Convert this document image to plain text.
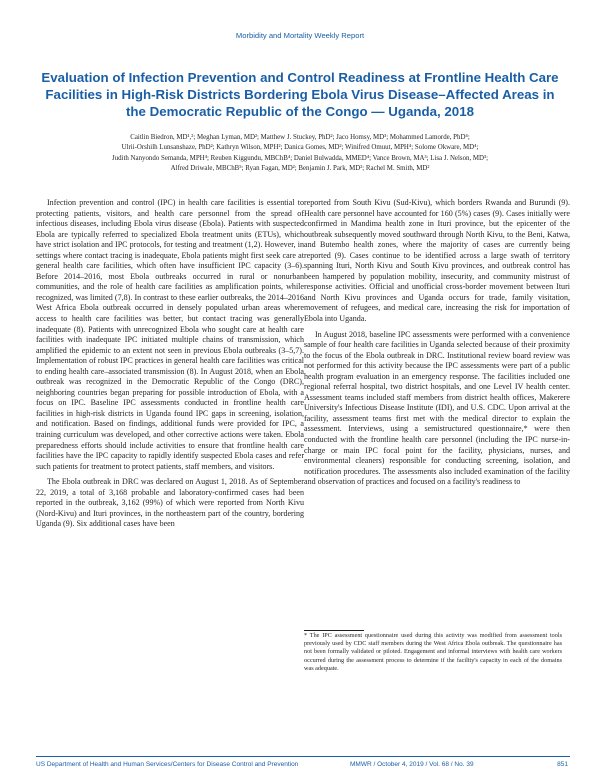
Morbidity and Mortality Weekly Report
Evaluation of Infection Prevention and Control Readiness at Frontline Health Care Facilities in High-Risk Districts Bordering Ebola Virus Disease–Affected Areas in the Democratic Republic of the Congo — Uganda, 2018
Caitlin Biedron, MD¹,²; Meghan Lyman, MD²; Matthew J. Stuckey, PhD²; Jaco Homsy, MD³; Mohammed Lamorde, PhD⁴;
Ulrii-Orshilh Lunsanshaze, PhD²; Kathryn Wilson, MPH²; Danica Gomes, MD²; Winifred Omuut, MPH⁴; Solome Okware, MD⁴;
Judith Nanyondo Semanda, MPH⁴; Reuben Kiggundu, MBChB⁴; Daniel Bulwadda, MMED⁴; Vance Brown, MA³; Lisa J. Nelson, MD³;
Alfred Driwale, MBChB⁵; Ryan Fagan, MD²; Benjamin J. Park, MD²; Rachel M. Smith, MD²

Infection prevention and control (IPC) in health care facilities is essential to protecting patients, visitors, and health care personnel from the spread of infectious diseases, including Ebola virus disease (Ebola). Patients with suspected Ebola are typically referred to specialized Ebola treatment units (ETUs), which have strict isolation and IPC protocols, for testing and treatment (1,2). However, in settings where contact tracing is inadequate, Ebola patients might first seek care at general health care facilities, which often have insufficient IPC capacity (3–6). Before 2014–2016, most Ebola outbreaks occurred in rural or nonurban communities, and the role of health care facilities as amplification points, while recognized, was limited (7,8). In contrast to these earlier outbreaks, the 2014–2016 West Africa Ebola outbreak occurred in densely populated urban areas where access to health care facilities was better, but contact tracing was generally inadequate (8). Patients with unrecognized Ebola who sought care at health care facilities with inadequate IPC initiated multiple chains of transmission, which amplified the epidemic to an extent not seen in previous Ebola outbreaks (3–5,7). Implementation of robust IPC practices in general health care facilities was critical to ending health care–associated transmission (8). In August 2018, when an Ebola outbreak was recognized in the Democratic Republic of the Congo (DRC), neighboring countries began preparing for possible introduction of Ebola, with a focus on IPC. Baseline IPC assessments conducted in frontline health care facilities in high-risk districts in Uganda found IPC gaps in screening, isolation, and notification. Based on findings, additional funds were provided for IPC, a training curriculum was developed, and other corrective actions were taken. Ebola preparedness efforts should include activities to ensure that frontline health care facilities have the IPC capacity to rapidly identify suspected Ebola cases and refer such patients for treatment to protect patients, staff members, and visitors.

The Ebola outbreak in DRC was declared on August 1, 2018. As of September 22, 2019, a total of 3,168 probable and laboratory-confirmed cases had been reported in the outbreak, 3,162 (99%) of which were reported from North Kivu (Nord-Kivu) and Ituri provinces, in the northeastern part of the country, bordering Uganda (9). Six additional cases have been

reported from South Kivu (Sud-Kivu), which borders Rwanda and Burundi (9). Health care personnel have accounted for 160 (5%) cases (9). Cases initially were confirmed in Mandima health zone in Ituri province, but the epicenter of the outbreak subsequently moved southward through North Kivu, to the Beni, Katwa, and Butembo health zones, where the majority of cases are currently being reported (9). Cases continue to be identified across a large swath of territory spanning Ituri, North Kivu and South Kivu provinces, and outbreak control has been hampered by population mobility, insecurity, and community mistrust of response activities. Official and unofficial cross-border movement between Ituri and North Kivu provinces and Uganda occurs for trade, family visitation, movement of refugees, and medical care, increasing the risk for importation of Ebola into Uganda.

In August 2018, baseline IPC assessments were performed with a convenience sample of four health care facilities in Uganda selected because of their proximity to the focus of the Ebola outbreak in DRC. Institutional review board review was not performed for this activity because the IPC assessments were part of a public health program evaluation in an emergency response. The facilities included one regional referral hospital, two district hospitals, and one Level IV health center. Assessment teams included staff members from district health offices, Makerere University's Infectious Disease Institute (IDI), and U.S. CDC. Upon arrival at the facility, assessment teams first met with the medical director to explain the assessment. Interviews, using a semistructured questionnaire,* were then conducted with the frontline health care personnel (including the IPC nurse-in-charge or main IPC focal point for the facility, physicians, nurses, and environmental cleaners) responsible for conducting screening, isolation, and notification procedures. The assessments also included examination of the facility and observation of practices and focused on a facility's readiness to

* The IPC assessment questionnaire used during this activity was modified from assessment tools previously used by CDC staff members during the West Africa Ebola outbreak. The questionnaire has not been formally validated or piloted. Engagement and informal interviews with health care workers occurred during the assessment process to determine if the facility's capacity in each of the domains was adequate.
US Department of Health and Human Services/Centers for Disease Control and Prevention	MMWR / October 4, 2019 / Vol. 68 / No. 39	851
